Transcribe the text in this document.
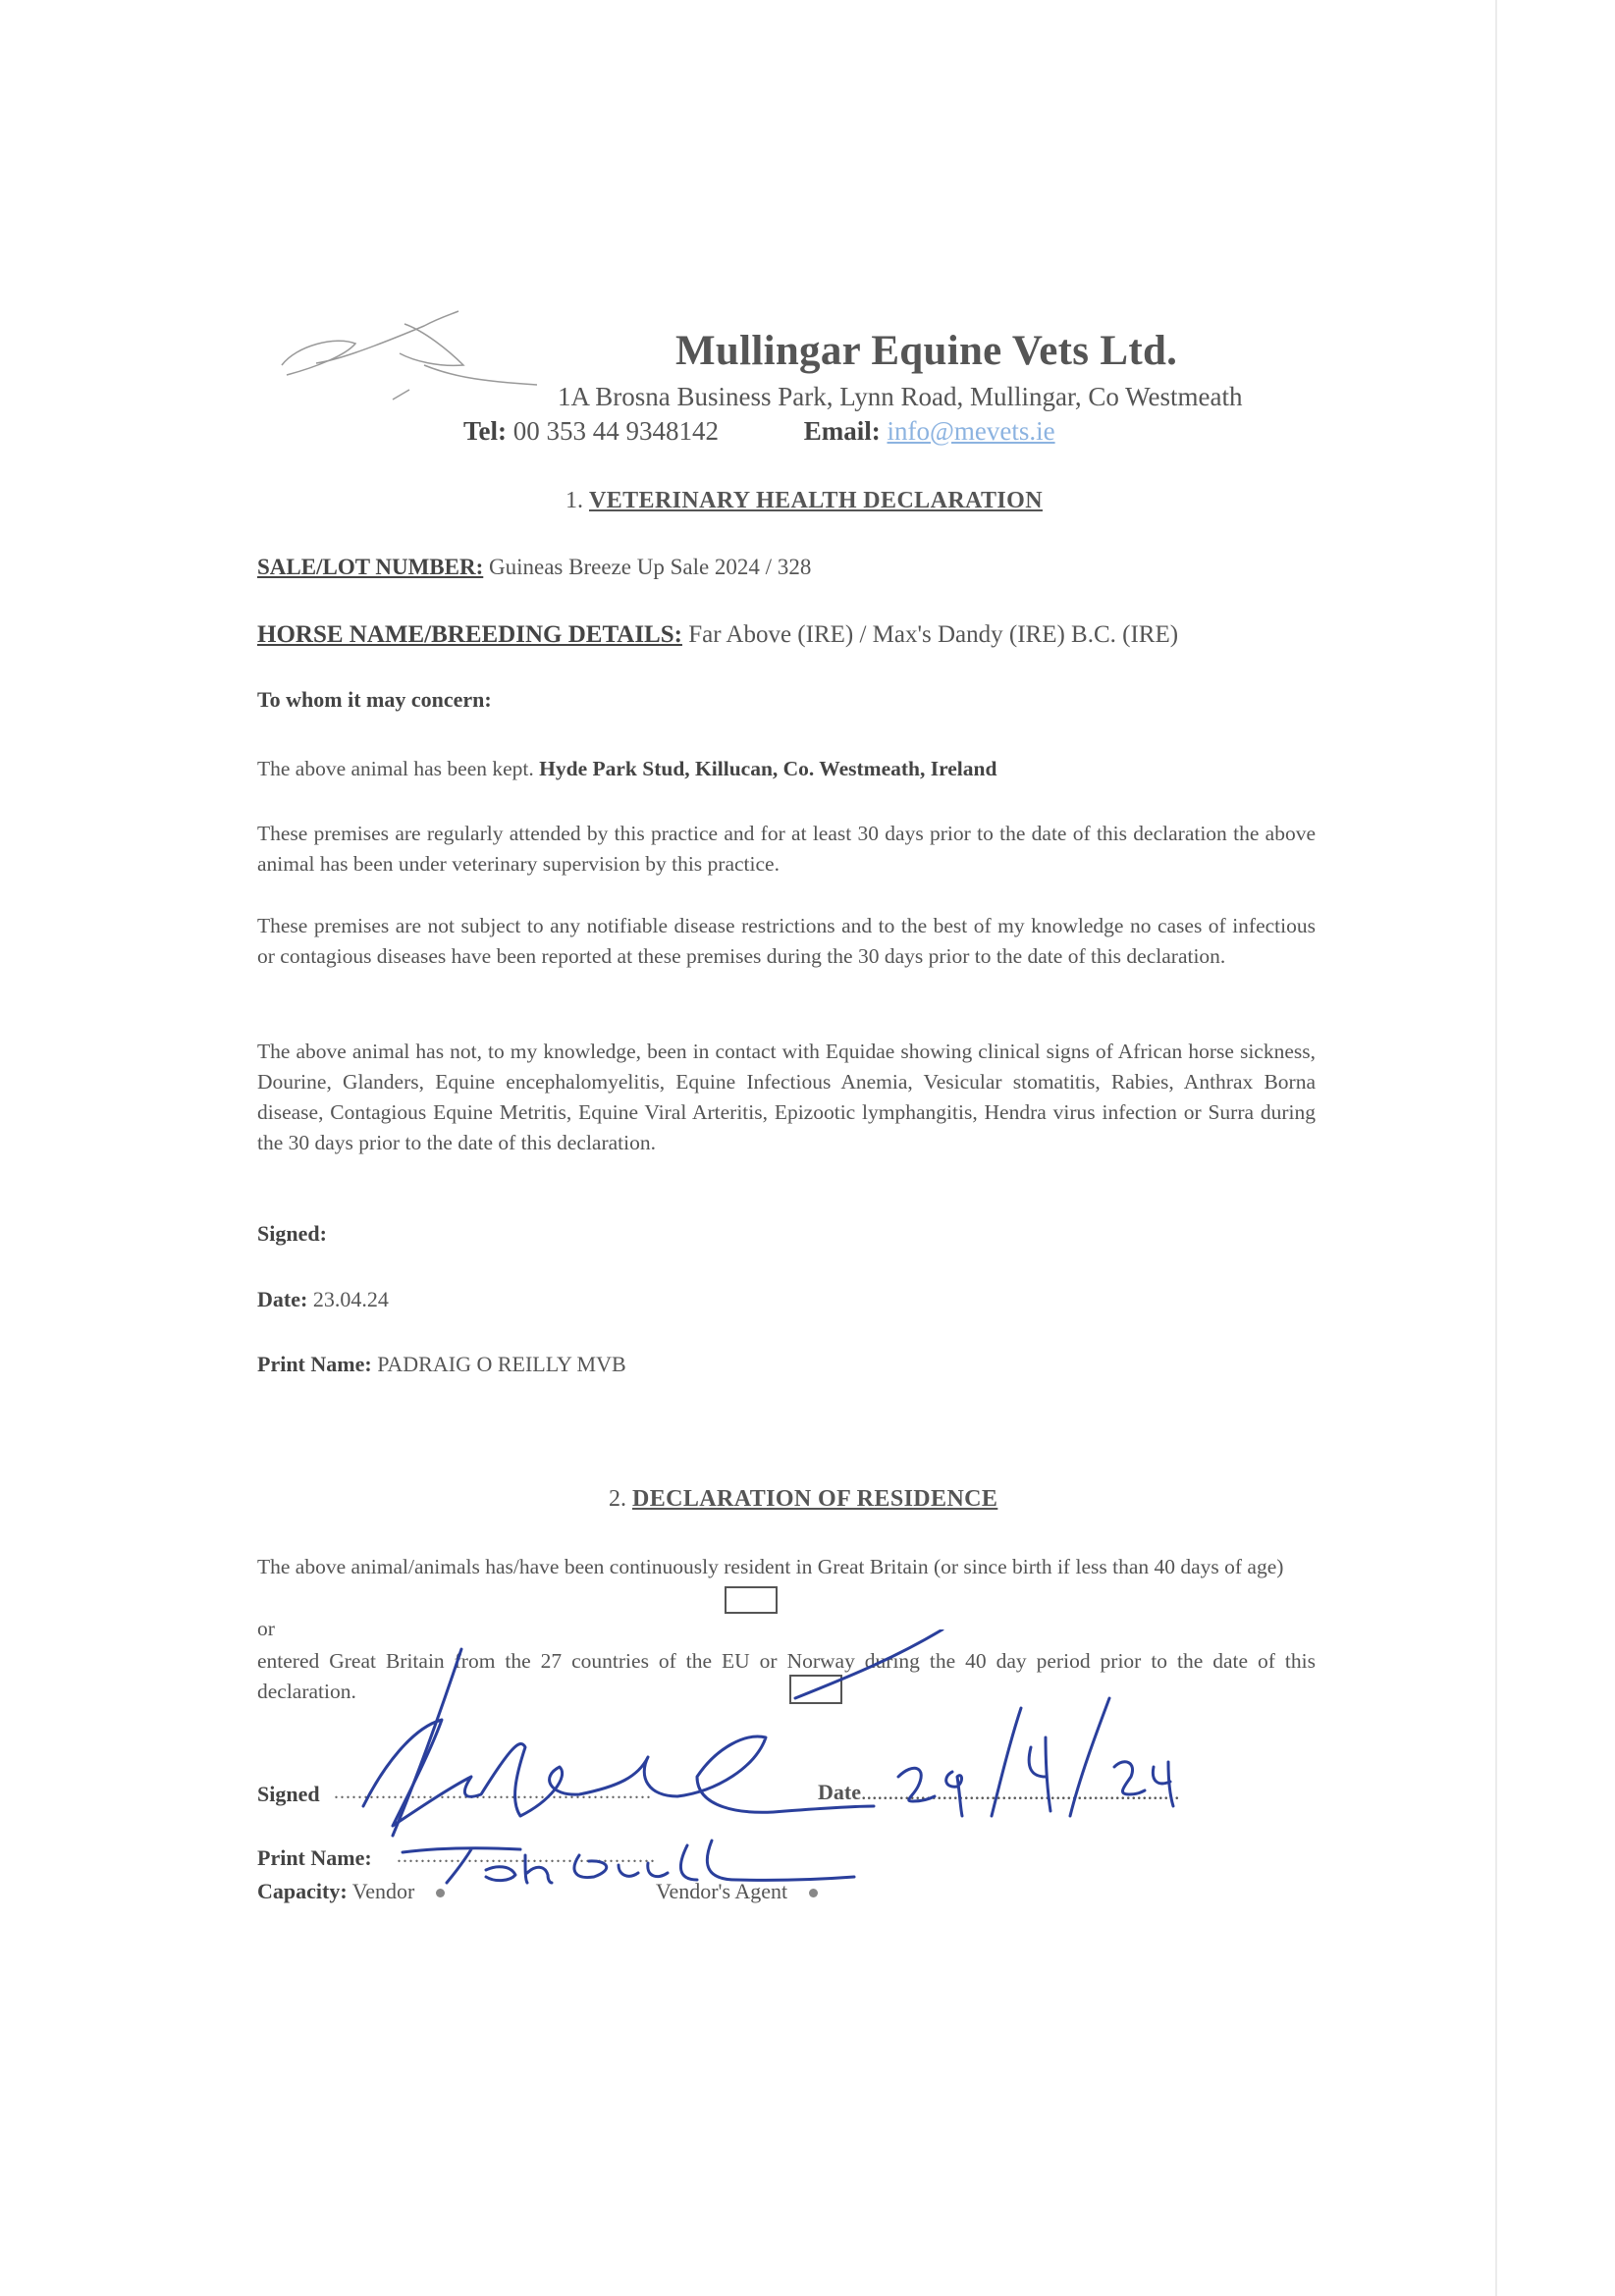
Mullingar Equine Vets Ltd.
1A Brosna Business Park, Lynn Road, Mullingar, Co Westmeath
Tel: 00 353 44 9348142	Email: info@mevets.ie
1. VETERINARY HEALTH DECLARATION
SALE/LOT NUMBER: Guineas Breeze Up Sale 2024 / 328
HORSE NAME/BREEDING DETAILS: Far Above (IRE) / Max's Dandy (IRE) B.C. (IRE)
To whom it may concern:
The above animal has been kept. Hyde Park Stud, Killucan, Co. Westmeath, Ireland
These premises are regularly attended by this practice and for at least 30 days prior to the date of this declaration the above animal has been under veterinary supervision by this practice.
These premises are not subject to any notifiable disease restrictions and to the best of my knowledge no cases of infectious or contagious diseases have been reported at these premises during the 30 days prior to the date of this declaration.
The above animal has not, to my knowledge, been in contact with Equidae showing clinical signs of African horse sickness, Dourine, Glanders, Equine encephalomyelitis, Equine Infectious Anemia, Vesicular stomatitis, Rabies, Anthrax Borna disease, Contagious Equine Metritis, Equine Viral Arteritis, Epizootic lymphangitis, Hendra virus infection or Surra during the 30 days prior to the date of this declaration.
Signed:
Date: 23.04.24
Print Name: PADRAIG O REILLY MVB
2. DECLARATION OF RESIDENCE
The above animal/animals has/have been continuously resident in Great Britain (or since birth if less than 40 days of age)
or
entered Great Britain from the 27 countries of the EU or Norway during the 40 day period prior to the date of this declaration.
Signed ......................................................	Date...........................................................
Print Name: ............................................
Capacity: Vendor	Vendor's Agent
